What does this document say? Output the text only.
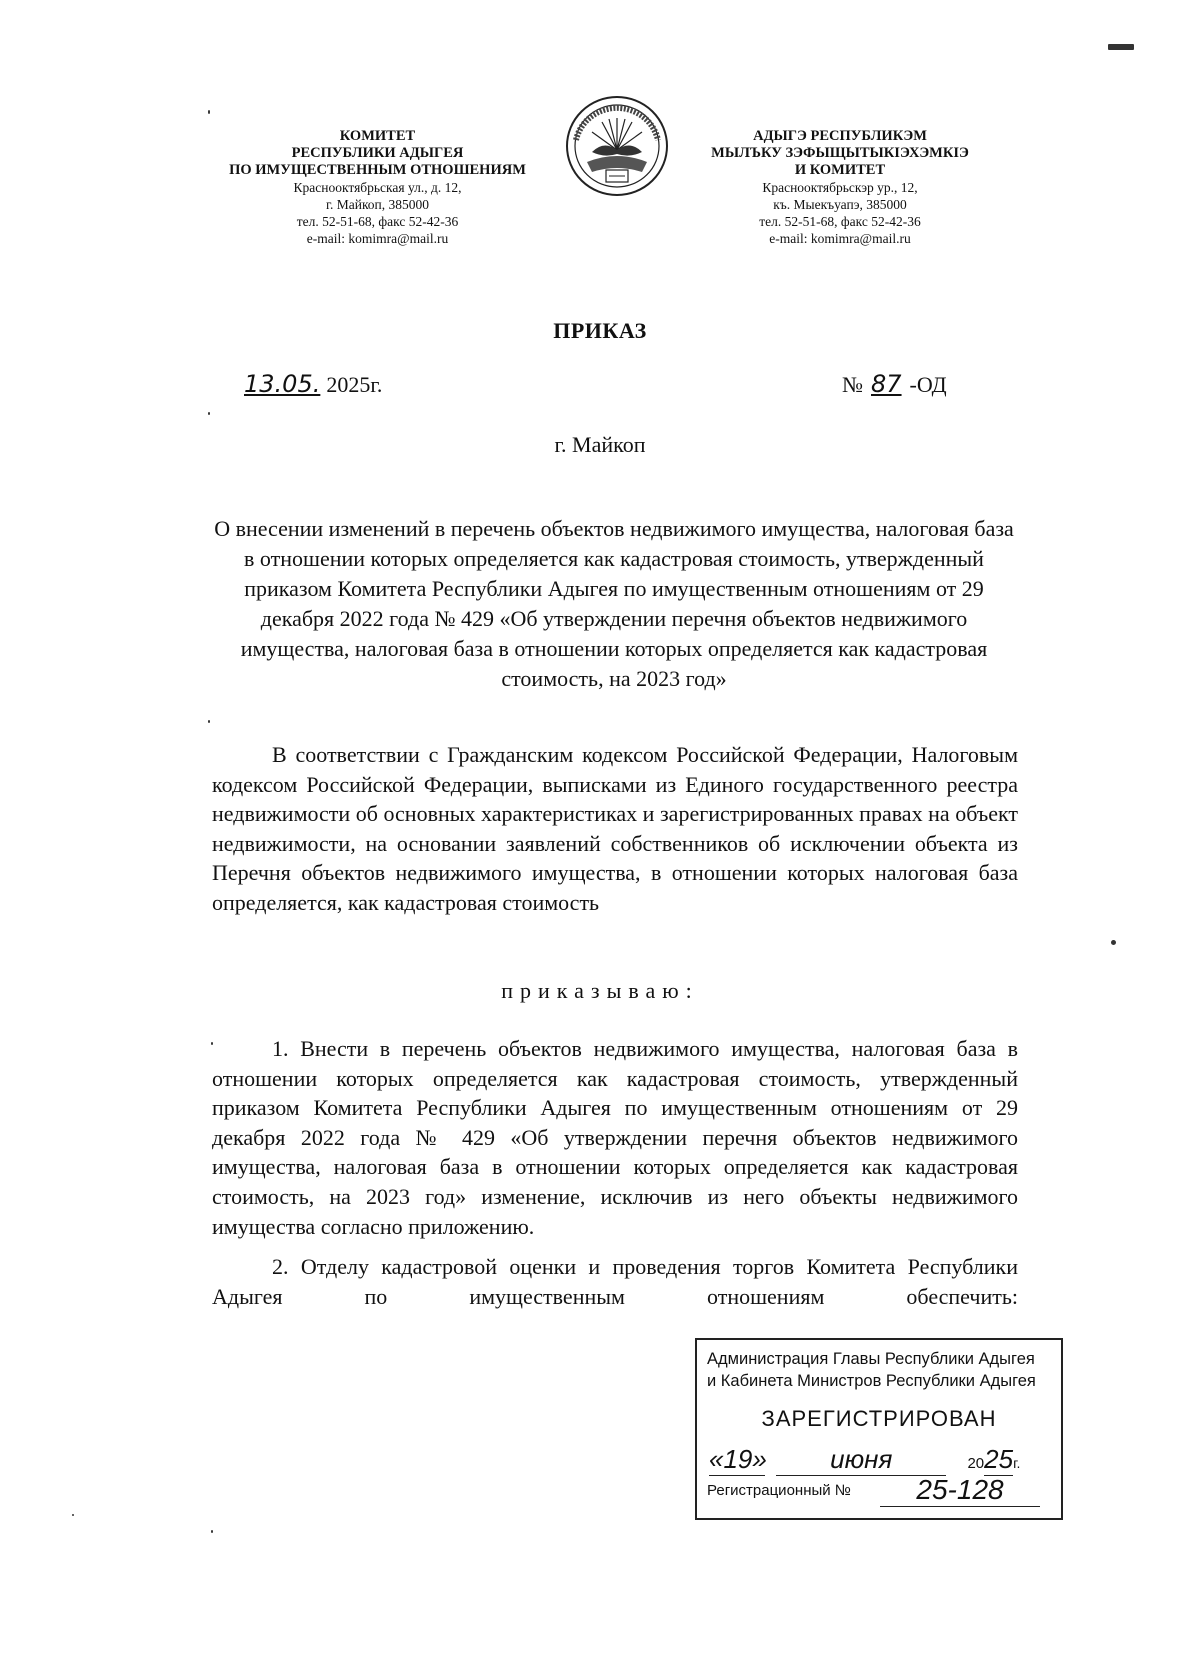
КОМИТЕТ
РЕСПУБЛИКИ АДЫГЕЯ
ПО ИМУЩЕСТВЕННЫМ ОТНОШЕНИЯМ
Краснооктябрьская ул., д. 12,
г. Майкоп, 385000
тел. 52-51-68, факс 52-42-36
e-mail: komimra@mail.ru
АДЫГЭ РЕСПУБЛИКЭМ
МЫЛЪКУ ЗЭФЫЩЫТЫКIЭХЭМКIЭ
И КОМИТЕТ
Краснооктябрьскэр ур., 12,
къ. Мыекъуапэ, 385000
тел. 52-51-68, факс 52-42-36
e-mail: komimra@mail.ru
ПРИКАЗ
13.05. 2025г.	№ 87 -ОД
г. Майкоп
О внесении изменений в перечень объектов недвижимого имущества, налоговая база в отношении которых определяется как кадастровая стоимость, утвержденный приказом Комитета Республики Адыгея по имущественным отношениям от 29 декабря 2022 года № 429 «Об утверждении перечня объектов недвижимого имущества, налоговая база в отношении которых определяется как кадастровая стоимость, на 2023 год»
В соответствии с Гражданским кодексом Российской Федерации, Налоговым кодексом Российской Федерации, выписками из Единого государственного реестра недвижимости об основных характеристиках и зарегистрированных правах на объект недвижимости, на основании заявлений собственников об исключении объекта из Перечня объектов недвижимого имущества, в отношении которых налоговая база определяется, как кадастровая стоимость
приказываю:
1. Внести в перечень объектов недвижимого имущества, налоговая база в отношении которых определяется как кадастровая стоимость, утвержденный приказом Комитета Республики Адыгея по имущественным отношениям от 29 декабря 2022 года № 429 «Об утверждении перечня объектов недвижимого имущества, налоговая база в отношении которых определяется как кадастровая стоимость, на 2023 год» изменение, исключив из него объекты недвижимого имущества согласно приложению.
2. Отделу кадастровой оценки и проведения торгов Комитета Республики Адыгея по имущественным отношениям обеспечить:
Администрация Главы Республики Адыгея
и Кабинета Министров Республики Адыгея
ЗАРЕГИСТРИРОВАН
«19» июня	2025г.
Регистрационный №	25-128
